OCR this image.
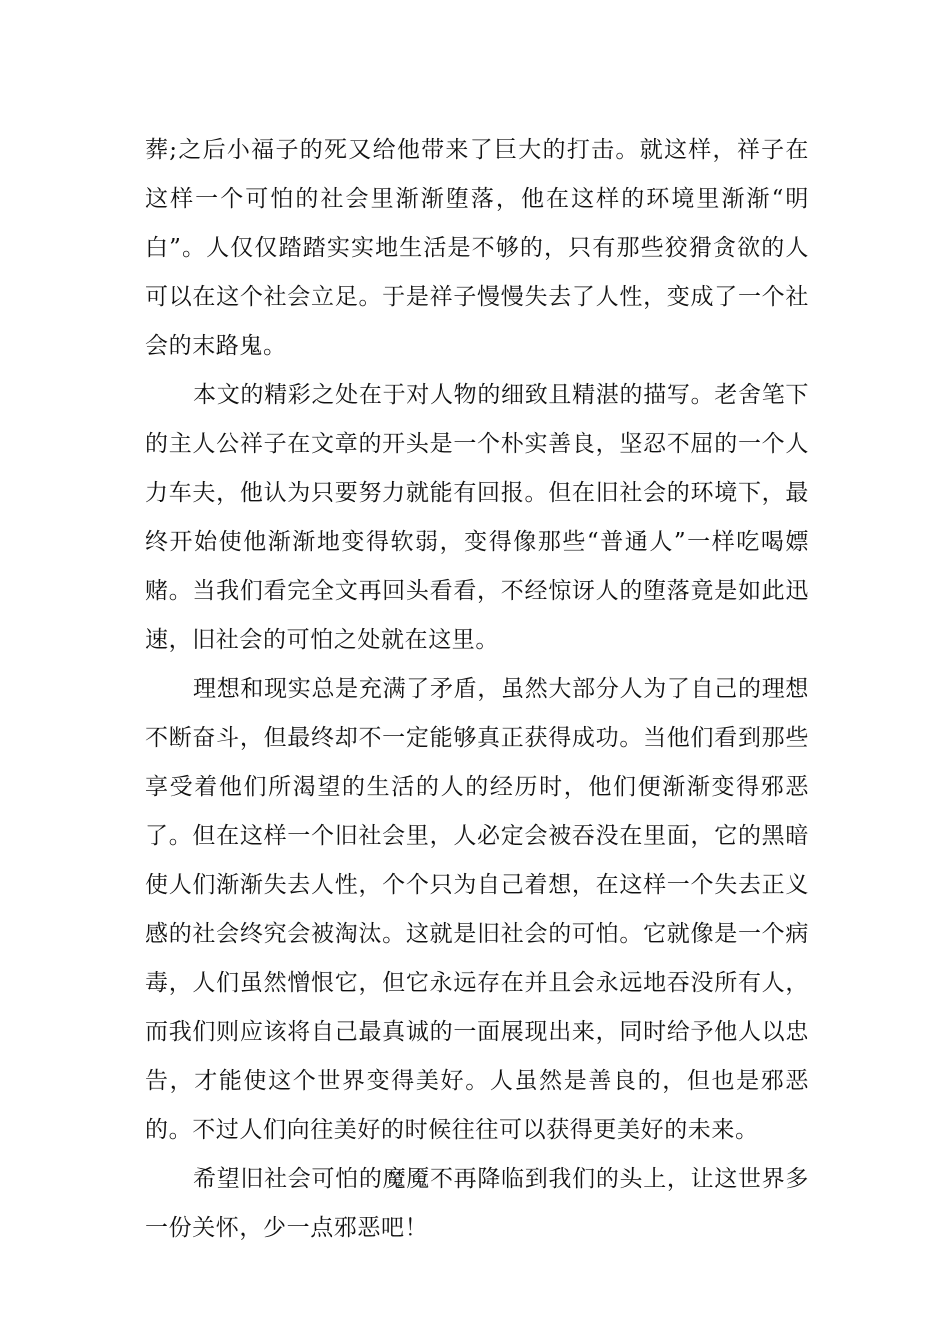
葬;之后小福子的死又给他带来了巨大的打击。就这样，祥子在这样一个可怕的社会里渐渐堕落，他在这样的环境里渐渐“明白”。人仅仅踏踏实实地生活是不够的，只有那些狡猾贪欲的人可以在这个社会立足。于是祥子慢慢失去了人性，变成了一个社会的末路鬼。

本文的精彩之处在于对人物的细致且精湛的描写。老舍笔下的主人公祥子在文章的开头是一个朴实善良，坚忍不屈的一个人力车夫，他认为只要努力就能有回报。但在旧社会的环境下，最终开始使他渐渐地变得软弱，变得像那些“普通人”一样吃喝嫖赌。当我们看完全文再回头看看，不经惊讶人的堕落竟是如此迅速，旧社会的可怕之处就在这里。

理想和现实总是充满了矛盾，虽然大部分人为了自己的理想不断奋斗，但最终却不一定能够真正获得成功。当他们看到那些享受着他们所渴望的生活的人的经历时，他们便渐渐变得邪恶了。但在这样一个旧社会里，人必定会被吞没在里面，它的黑暗使人们渐渐失去人性，个个只为自己着想，在这样一个失去正义感的社会终究会被淘汰。这就是旧社会的可怕。它就像是一个病毒，人们虽然憎恨它，但它永远存在并且会永远地吞没所有人，而我们则应该将自己最真诚的一面展现出来，同时给予他人以忠告，才能使这个世界变得美好。人虽然是善良的，但也是邪恶的。不过人们向往美好的时候往往可以获得更美好的未来。

希望旧社会可怕的魔魇不再降临到我们的头上，让这世界多一份关怀，少一点邪恶吧！
